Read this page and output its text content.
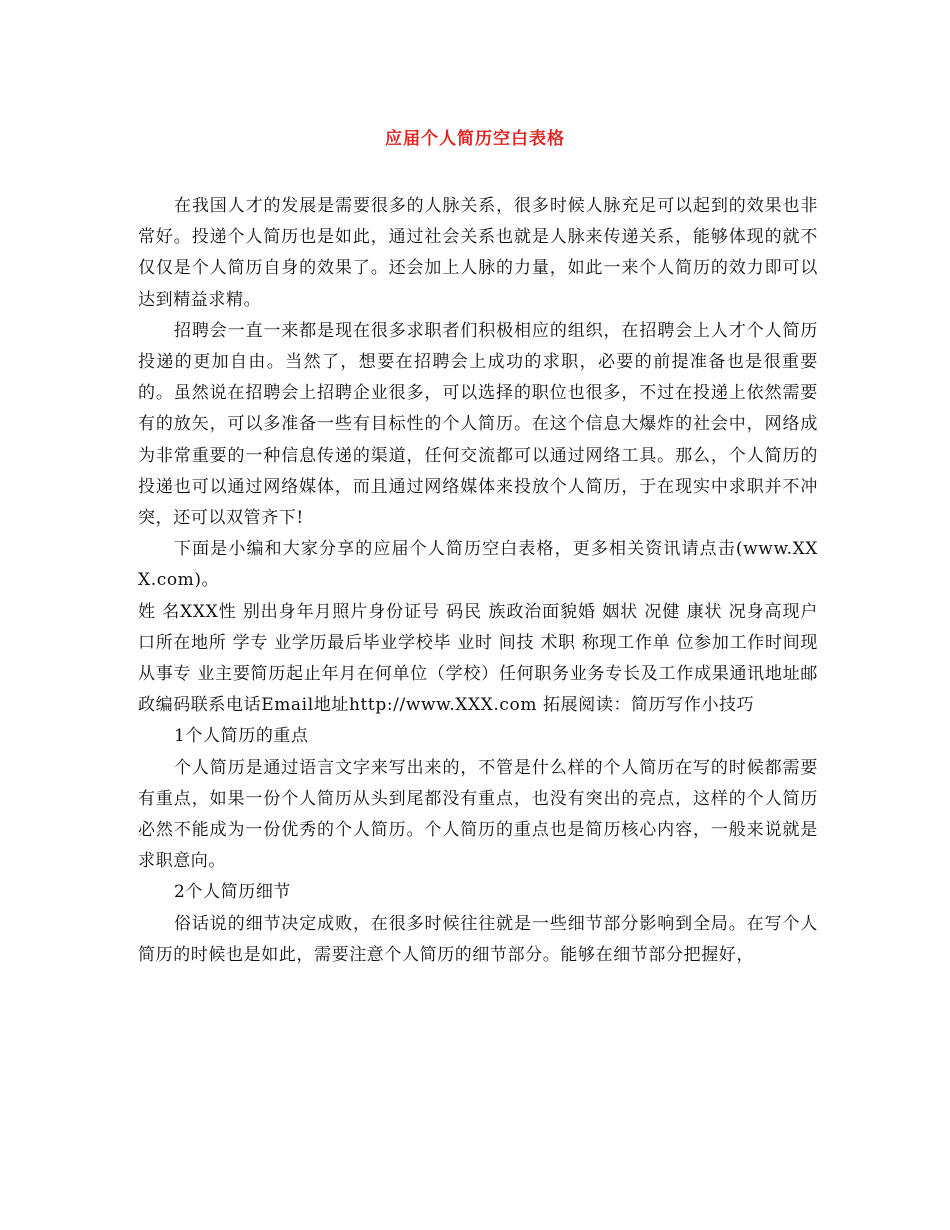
应届个人简历空白表格

在我国人才的发展是需要很多的人脉关系，很多时候人脉充足可以起到的效果也非常好。投递个人简历也是如此，通过社会关系也就是人脉来传递关系，能够体现的就不仅仅是个人简历自身的效果了。还会加上人脉的力量，如此一来个人简历的效力即可以达到精益求精。

招聘会一直一来都是现在很多求职者们积极相应的组织，在招聘会上人才个人简历投递的更加自由。当然了，想要在招聘会上成功的求职，必要的前提准备也是很重要的。虽然说在招聘会上招聘企业很多，可以选择的职位也很多，不过在投递上依然需要有的放矢，可以多准备一些有目标性的个人简历。在这个信息大爆炸的社会中，网络成为非常重要的一种信息传递的渠道，任何交流都可以通过网络工具。那么，个人简历的投递也可以通过网络媒体，而且通过网络媒体来投放个人简历，于在现实中求职并不冲突，还可以双管齐下!

下面是小编和大家分享的应届个人简历空白表格，更多相关资讯请点击(www.XXX.com)。

姓 名XXX性 别出身年月照片身份证号 码民 族政治面貌婚 姻状 况健 康状 况身高现户口所在地所 学专 业学历最后毕业学校毕 业时 间技 术职 称现工作单 位参加工作时间现从事专 业主要简历起止年月在何单位（学校）任何职务业务专长及工作成果通讯地址邮政编码联系电话Email地址http://www.XXX.com 拓展阅读：简历写作小技巧

1个人简历的重点

个人简历是通过语言文字来写出来的，不管是什么样的个人简历在写的时候都需要有重点，如果一份个人简历从头到尾都没有重点，也没有突出的亮点，这样的个人简历必然不能成为一份优秀的个人简历。个人简历的重点也是简历核心内容，一般来说就是求职意向。

2个人简历细节

俗话说的细节决定成败，在很多时候往往就是一些细节部分影响到全局。在写个人简历的时候也是如此，需要注意个人简历的细节部分。能够在细节部分把握好，
